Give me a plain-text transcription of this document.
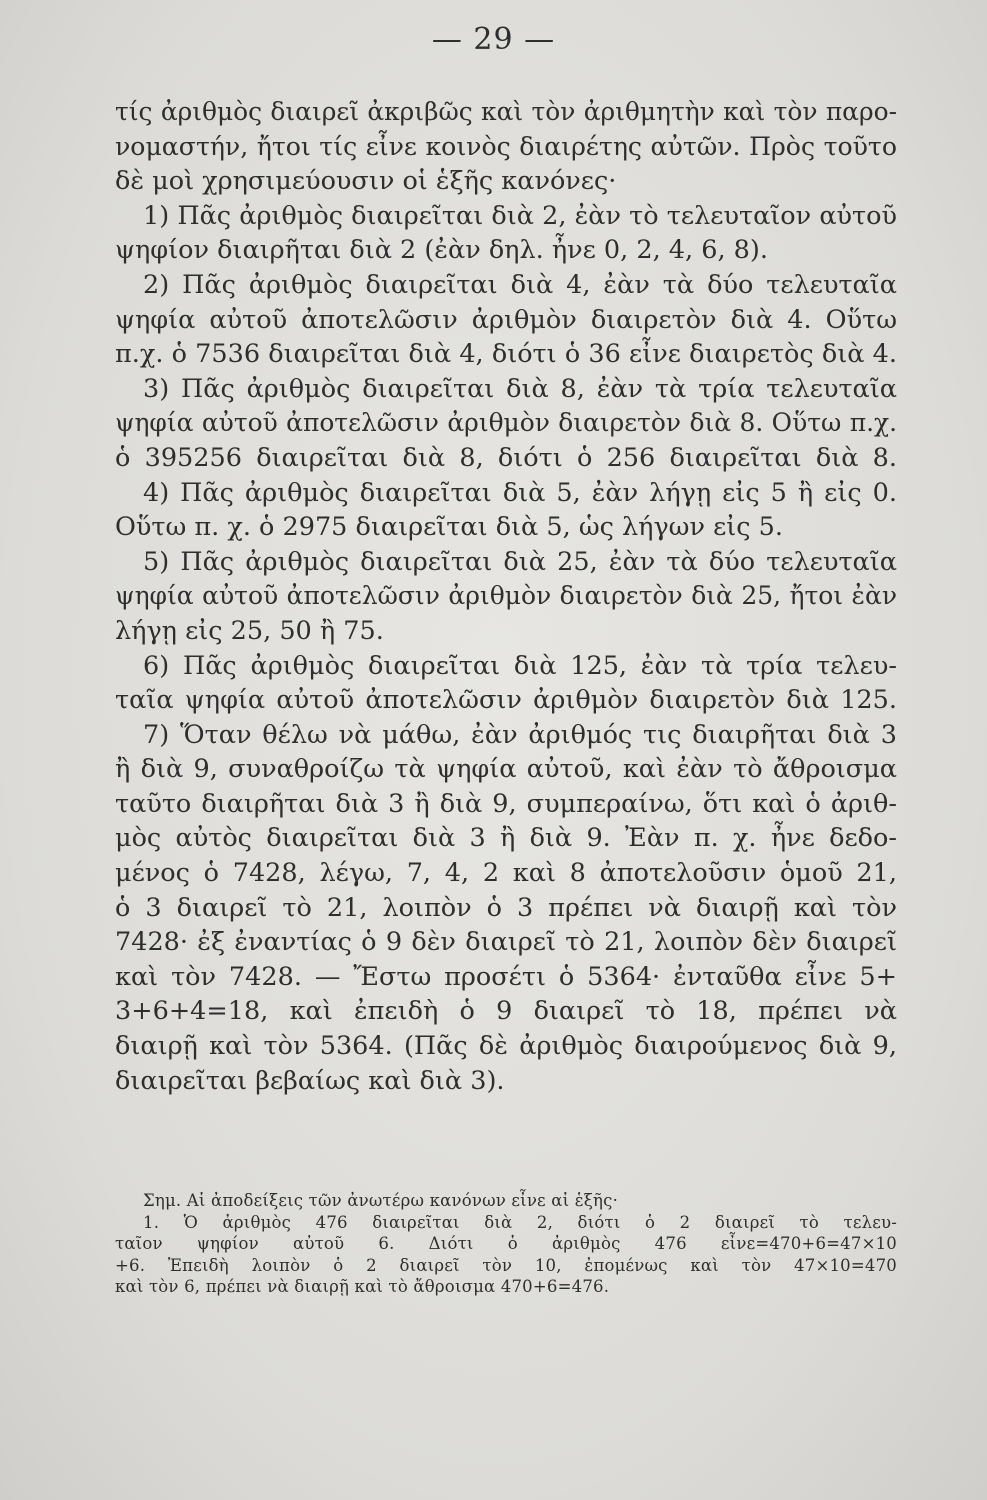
— 29 —
τίς ἀριθμὸς διαιρεῖ ἀκριβῶς καὶ τὸν ἀριθμητὴν καὶ τὸν παρο-
νομαστήν, ἤτοι τίς εἶνε κοινὸς διαιρέτης αὐτῶν. Πρὸς τοῦτο
δὲ μοὶ χρησιμεύουσιν οἱ ἑξῆς κανόνες·
1) Πᾶς ἀριθμὸς διαιρεῖται διὰ 2, ἐὰν τὸ τελευταῖον αὐτοῦ
ψηφίον διαιρῆται διὰ 2 (ἐὰν δηλ. ἦνε 0, 2, 4, 6, 8).
2) Πᾶς ἀριθμὸς διαιρεῖται διὰ 4, ἐὰν τὰ δύο τελευταῖα
ψηφία αὐτοῦ ἀποτελῶσιν ἀριθμὸν διαιρετὸν διὰ 4. Οὕτω
π.χ. ὁ 7536 διαιρεῖται διὰ 4, διότι ὁ 36 εἶνε διαιρετὸς διὰ 4.
3) Πᾶς ἀριθμὸς διαιρεῖται διὰ 8, ἐὰν τὰ τρία τελευταῖα
ψηφία αὐτοῦ ἀποτελῶσιν ἀριθμὸν διαιρετὸν διὰ 8. Οὕτω π.χ.
ὁ 395256 διαιρεῖται διὰ 8, διότι ὁ 256 διαιρεῖται διὰ 8.
4) Πᾶς ἀριθμὸς διαιρεῖται διὰ 5, ἐὰν λήγῃ εἰς 5 ἢ εἰς 0.
Οὕτω π. χ. ὁ 2975 διαιρεῖται διὰ 5, ὡς λήγων εἰς 5.
5) Πᾶς ἀριθμὸς διαιρεῖται διὰ 25, ἐὰν τὰ δύο τελευταῖα
ψηφία αὐτοῦ ἀποτελῶσιν ἀριθμὸν διαιρετὸν διὰ 25, ἤτοι ἐὰν
λήγῃ εἰς 25, 50 ἢ 75.
6) Πᾶς ἀριθμὸς διαιρεῖται διὰ 125, ἐὰν τὰ τρία τελευ-
ταῖα ψηφία αὐτοῦ ἀποτελῶσιν ἀριθμὸν διαιρετὸν διὰ 125.
7) Ὅταν θέλω νὰ μάθω, ἐὰν ἀριθμός τις διαιρῆται διὰ 3
ἢ διὰ 9, συναθροίζω τὰ ψηφία αὐτοῦ, καὶ ἐὰν τὸ ἄθροισμα
ταῦτο διαιρῆται διὰ 3 ἢ διὰ 9, συμπεραίνω, ὅτι καὶ ὁ ἀριθ-
μὸς αὐτὸς διαιρεῖται διὰ 3 ἢ διὰ 9. Ἐὰν π. χ. ἦνε δεδο-
μένος ὁ 7428, λέγω, 7, 4, 2 καὶ 8 ἀποτελοῦσιν ὁμοῦ 21,
ὁ 3 διαιρεῖ τὸ 21, λοιπὸν ὁ 3 πρέπει νὰ διαιρῇ καὶ τὸν
7428· ἐξ ἐναντίας ὁ 9 δὲν διαιρεῖ τὸ 21, λοιπὸν δὲν διαιρεῖ
καὶ τὸν 7428. — Ἔστω προσέτι ὁ 5364· ἐνταῦθα εἶνε 5+
3+6+4=18, καὶ ἐπειδὴ ὁ 9 διαιρεῖ τὸ 18, πρέπει νὰ
διαιρῇ καὶ τὸν 5364. (Πᾶς δὲ ἀριθμὸς διαιρούμενος διὰ 9,
διαιρεῖται βεβαίως καὶ διὰ 3).
Σημ. Αἱ ἀποδείξεις τῶν ἀνωτέρω κανόνων εἶνε αἱ ἑξῆς·
1. Ὁ ἀριθμὸς 476 διαιρεῖται διὰ 2, διότι ὁ 2 διαιρεῖ τὸ τελευ-
ταῖον ψηφίον αὐτοῦ 6. Διότι ὁ ἀριθμὸς 476 εἶνε=470+6=47×10
+6. Ἐπειδὴ λοιπὸν ὁ 2 διαιρεῖ τὸν 10, ἐπομένως καὶ τὸν 47×10=470
καὶ τὸν 6, πρέπει νὰ διαιρῇ καὶ τὸ ἄθροισμα 470+6=476.
